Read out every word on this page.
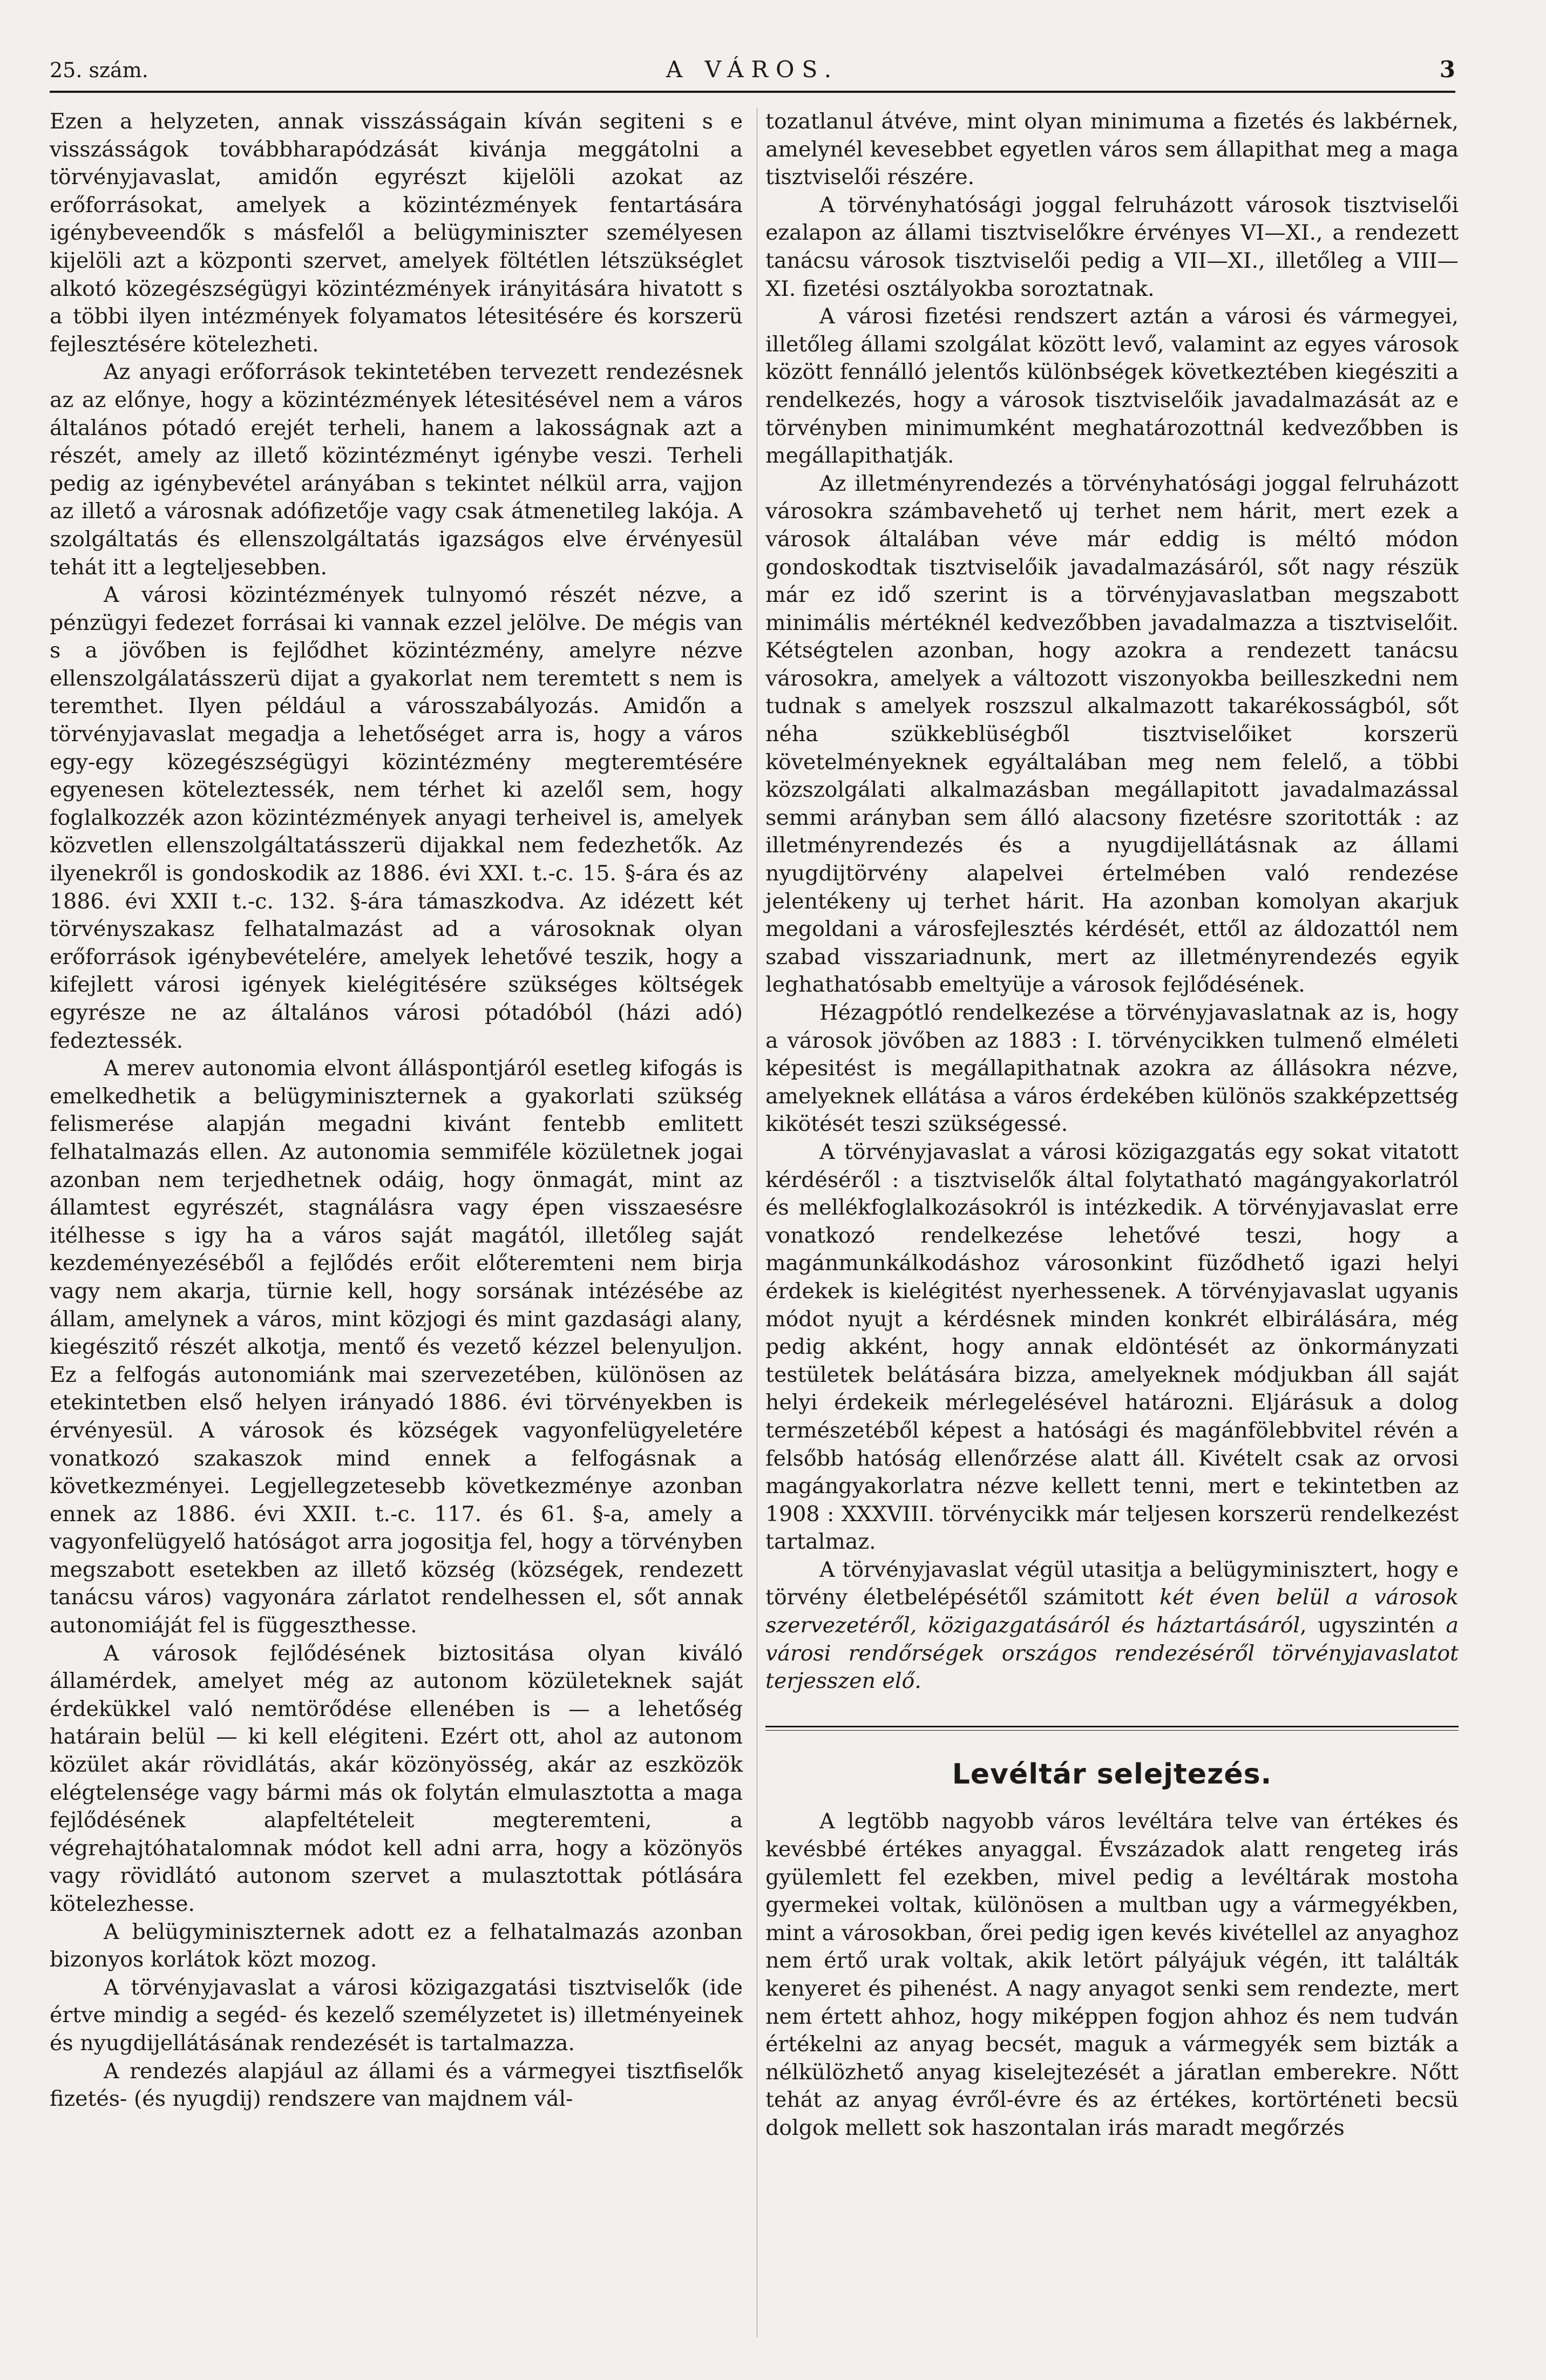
25. szám.	A VÁROS.	3

Ezen a helyzeten, annak visszásságain kíván segiteni s e visszásságok továbbharapódzását kivánja meggátolni a törvényjavaslat, amidőn egyrészt kijelöli azokat az erőforrásokat, amelyek a közintézmények fentartására igénybeveendők s másfelől a belügyminiszter személyesen kijelöli azt a központi szervet, amelyek föltétlen létszükséglet alkotó közegészségügyi közintézmények irányitására hivatott s a többi ilyen intézmények folyamatos létesitésére és korszerü fejlesztésére kötelezheti.

Az anyagi erőforrások tekintetében tervezett rendezésnek az az előnye, hogy a közintézmények létesitésével nem a város általános pótadó erejét terheli, hanem a lakosságnak azt a részét, amely az illető közintézményt igénybe veszi. Terheli pedig az igénybevétel arányában s tekintet nélkül arra, vajjon az illető a városnak adófizetője vagy csak átmenetileg lakója. A szolgáltatás és ellenszolgáltatás igazságos elve érvényesül tehát itt a legteljesebben.

A városi közintézmények tulnyomó részét nézve, a pénzügyi fedezet forrásai ki vannak ezzel jelölve. De mégis van s a jövőben is fejlődhet közintézmény, amelyre nézve ellenszolgálatásszerü dijat a gyakorlat nem teremtett s nem is teremthet. Ilyen például a városszabályozás. Amidőn a törvényjavaslat megadja a lehetőséget arra is, hogy a város egy-egy közegészségügyi közintézmény megteremtésére egyenesen köteleztessék, nem térhet ki azelől sem, hogy foglalkozzék azon közintézmények anyagi terheivel is, amelyek közvetlen ellenszolgáltatásszerü dijakkal nem fedezhetők. Az ilyenekről is gondoskodik az 1886. évi XXI. t.-c. 15. §-ára és az 1886. évi XXII t.-c. 132. §-ára támaszkodva. Az idézett két törvényszakasz felhatalmazást ad a városoknak olyan erőforrások igénybevételére, amelyek lehetővé teszik, hogy a kifejlett városi igények kielégitésére szükséges költségek egyrésze ne az általános városi pótadóból (házi adó) fedeztessék.

A merev autonomia elvont álláspontjáról esetleg kifogás is emelkedhetik a belügyminiszternek a gyakorlati szükség felismerése alapján megadni kivánt fentebb emlitett felhatalmazás ellen. Az autonomia semmiféle közületnek jogai azonban nem terjedhetnek odáig, hogy önmagát, mint az államtest egyrészét, stagnálásra vagy épen visszaesésre itélhesse s igy ha a város saját magától, illetőleg saját kezdeményezéséből a fejlődés erőit előteremteni nem birja vagy nem akarja, türnie kell, hogy sorsának intézésébe az állam, amelynek a város, mint közjogi és mint gazdasági alany, kiegészitő részét alkotja, mentő és vezető kézzel belenyuljon. Ez a felfogás autonomiánk mai szervezetében, különösen az etekintetben első helyen irányadó 1886. évi törvényekben is érvényesül. A városok és községek vagyonfelügyeletére vonatkozó szakaszok mind ennek a felfogásnak a következményei. Legjellegzetesebb következménye azonban ennek az 1886. évi XXII. t.-c. 117. és 61. §-a, amely a vagyonfelügyelő hatóságot arra jogositja fel, hogy a törvényben megszabott esetekben az illető község (községek, rendezett tanácsu város) vagyonára zárlatot rendelhessen el, sőt annak autonomiáját fel is függeszthesse.

A városok fejlődésének biztositása olyan kiváló államérdek, amelyet még az autonom közületeknek saját érdekükkel való nemtörődése ellenében is — a lehetőség határain belül — ki kell elégiteni. Ezért ott, ahol az autonom közület akár rövidlátás, akár közönyösség, akár az eszközök elégtelensége vagy bármi más ok folytán elmulasztotta a maga fejlődésének alapfeltételeit megteremteni, a végrehajtóhatalomnak módot kell adni arra, hogy a közönyös vagy rövidlátó autonom szervet a mulasztottak pótlására kötelezhesse.

A belügyminiszternek adott ez a felhatalmazás azonban bizonyos korlátok közt mozog.

A törvényjavaslat a városi közigazgatási tisztviselők (ide értve mindig a segéd- és kezelő személyzetet is) illetményeinek és nyugdijellátásának rendezését is tartalmazza.

A rendezés alapjául az állami és a vármegyei tisztfiselők fizetés- (és nyugdij) rendszere van majdnem vál-

tozatlanul átvéve, mint olyan minimuma a fizetés és lakbérnek, amelynél kevesebbet egyetlen város sem állapithat meg a maga tisztviselői részére.

A törvényhatósági joggal felruházott városok tisztviselői ezalapon az állami tisztviselőkre érvényes VI—XI., a rendezett tanácsu városok tisztviselői pedig a VII—XI., illetőleg a VIII—XI. fizetési osztályokba soroztatnak.

A városi fizetési rendszert aztán a városi és vármegyei, illetőleg állami szolgálat között levő, valamint az egyes városok között fennálló jelentős különbségek következtében kiegésziti a rendelkezés, hogy a városok tisztviselőik javadalmazását az e törvényben minimumként meghatározottnál kedvezőbben is megállapithatják.

Az illetményrendezés a törvényhatósági joggal felruházott városokra számbavehető uj terhet nem hárit, mert ezek a városok általában véve már eddig is méltó módon gondoskodtak tisztviselőik javadalmazásáról, sőt nagy részük már ez idő szerint is a törvényjavaslatban megszabott minimális mértéknél kedvezőbben javadalmazza a tisztviselőit. Kétségtelen azonban, hogy azokra a rendezett tanácsu városokra, amelyek a változott viszonyokba beilleszkedni nem tudnak s amelyek roszszul alkalmazott takarékosságból, sőt néha szükkeblüségből tisztviselőiket korszerü követelményeknek egyáltalában meg nem felelő, a többi közszolgálati alkalmazásban megállapitott javadalmazással semmi arányban sem álló alacsony fizetésre szoritották : az illetményrendezés és a nyugdijellátásnak az állami nyugdijtörvény alapelvei értelmében való rendezése jelentékeny uj terhet hárit. Ha azonban komolyan akarjuk megoldani a városfejlesztés kérdését, ettől az áldozattól nem szabad visszariadnunk, mert az illetményrendezés egyik leghathatósabb emeltyüje a városok fejlődésének.

Hézagpótló rendelkezése a törvényjavaslatnak az is, hogy a városok jövőben az 1883 : I. törvénycikken tulmenő elméleti képesitést is megállapithatnak azokra az állásokra nézve, amelyeknek ellátása a város érdekében különös szakképzettség kikötését teszi szükségessé.

A törvényjavaslat a városi közigazgatás egy sokat vitatott kérdéséről : a tisztviselők által folytatható magángyakorlatról és mellékfoglalkozásokról is intézkedik. A törvényjavaslat erre vonatkozó rendelkezése lehetővé teszi, hogy a magánmunkálkodáshoz városonkint füződhető igazi helyi érdekek is kielégitést nyerhessenek. A törvényjavaslat ugyanis módot nyujt a kérdésnek minden konkrét elbirálására, még pedig akként, hogy annak eldöntését az önkormányzati testületek belátására bizza, amelyeknek módjukban áll saját helyi érdekeik mérlegelésével határozni. Eljárásuk a dolog természetéből képest a hatósági és magánfölebbvitel révén a felsőbb hatóság ellenőrzése alatt áll. Kivételt csak az orvosi magángyakorlatra nézve kellett tenni, mert e tekintetben az 1908 : XXXVIII. törvénycikk már teljesen korszerü rendelkezést tartalmaz.

A törvényjavaslat végül utasitja a belügyminisztert, hogy e törvény életbelépésétől számitott két éven belül a városok szervezetéről, közigazgatásáról és háztartásáról, ugyszintén a városi rendőrségek országos rendezéséről törvényjavaslatot terjesszen elő.

Levéltár selejtezés.

A legtöbb nagyobb város levéltára telve van értékes és kevésbbé értékes anyaggal. Évszázadok alatt rengeteg irás gyülemlett fel ezekben, mivel pedig a levéltárak mostoha gyermekei voltak, különösen a multban ugy a vármegyékben, mint a városokban, őrei pedig igen kevés kivétellel az anyaghoz nem értő urak voltak, akik letört pályájuk végén, itt találták kenyeret és pihenést. A nagy anyagot senki sem rendezte, mert nem értett ahhoz, hogy miképpen fogjon ahhoz és nem tudván értékelni az anyag becsét, maguk a vármegyék sem bizták a nélkülözhető anyag kiselejtezését a járatlan emberekre. Nőtt tehát az anyag évről-évre és az értékes, kortörténeti becsü dolgok mellett sok haszontalan irás maradt megőrzés
